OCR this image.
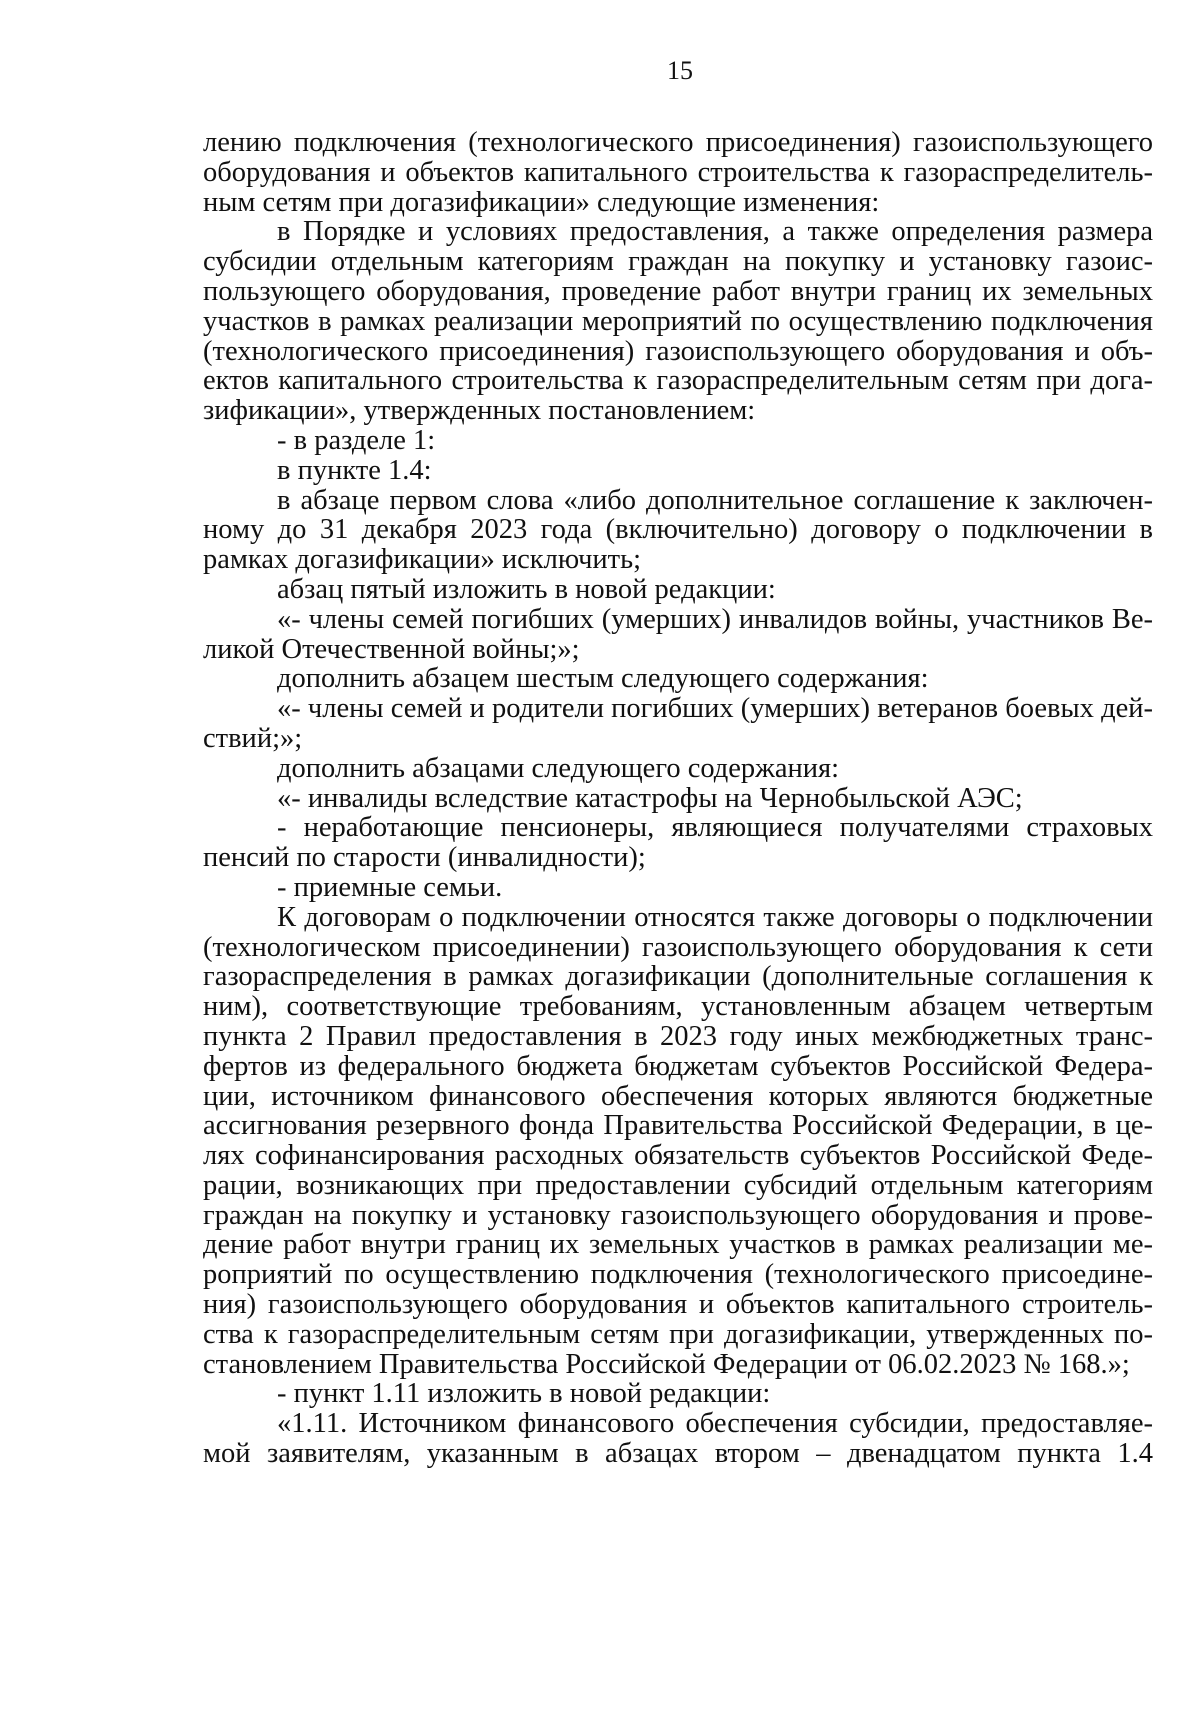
15
лению подключения (технологического присоединения) газоиспользующего
оборудования и объектов капитального строительства к газораспределитель-
ным сетям при догазификации» следующие изменения:
в Порядке и условиях предоставления, а также определения размера
субсидии отдельным категориям граждан на покупку и установку газоис-
пользующего оборудования, проведение работ внутри границ их земельных
участков в рамках реализации мероприятий по осуществлению подключения
(технологического присоединения) газоиспользующего оборудования и объ-
ектов капитального строительства к газораспределительным сетям при дога-
зификации», утвержденных постановлением:
- в разделе 1:
в пункте 1.4:
в абзаце первом слова «либо дополнительное соглашение к заключен-
ному до 31 декабря 2023 года (включительно) договору о подключении в
рамках догазификации» исключить;
абзац пятый изложить в новой редакции:
«- члены семей погибших (умерших) инвалидов войны, участников Ве-
ликой Отечественной войны;»;
дополнить абзацем шестым следующего содержания:
«- члены семей и родители погибших (умерших) ветеранов боевых дей-
ствий;»;
дополнить абзацами следующего содержания:
«- инвалиды вследствие катастрофы на Чернобыльской АЭС;
- неработающие пенсионеры, являющиеся получателями страховых
пенсий по старости (инвалидности);
- приемные семьи.
К договорам о подключении относятся также договоры о подключении
(технологическом присоединении) газоиспользующего оборудования к сети
газораспределения в рамках догазификации (дополнительные соглашения к
ним), соответствующие требованиям, установленным абзацем четвертым
пункта 2 Правил предоставления в 2023 году иных межбюджетных транс-
фертов из федерального бюджета бюджетам субъектов Российской Федера-
ции, источником финансового обеспечения которых являются бюджетные
ассигнования резервного фонда Правительства Российской Федерации, в це-
лях софинансирования расходных обязательств субъектов Российской Феде-
рации, возникающих при предоставлении субсидий отдельным категориям
граждан на покупку и установку газоиспользующего оборудования и прове-
дение работ внутри границ их земельных участков в рамках реализации ме-
роприятий по осуществлению подключения (технологического присоедине-
ния) газоиспользующего оборудования и объектов капитального строитель-
ства к газораспределительным сетям при догазификации, утвержденных по-
становлением Правительства Российской Федерации от 06.02.2023 № 168.»;
- пункт 1.11 изложить в новой редакции:
«1.11. Источником финансового обеспечения субсидии, предоставляе-
мой заявителям, указанным в абзацах втором – двенадцатом пункта 1.4
